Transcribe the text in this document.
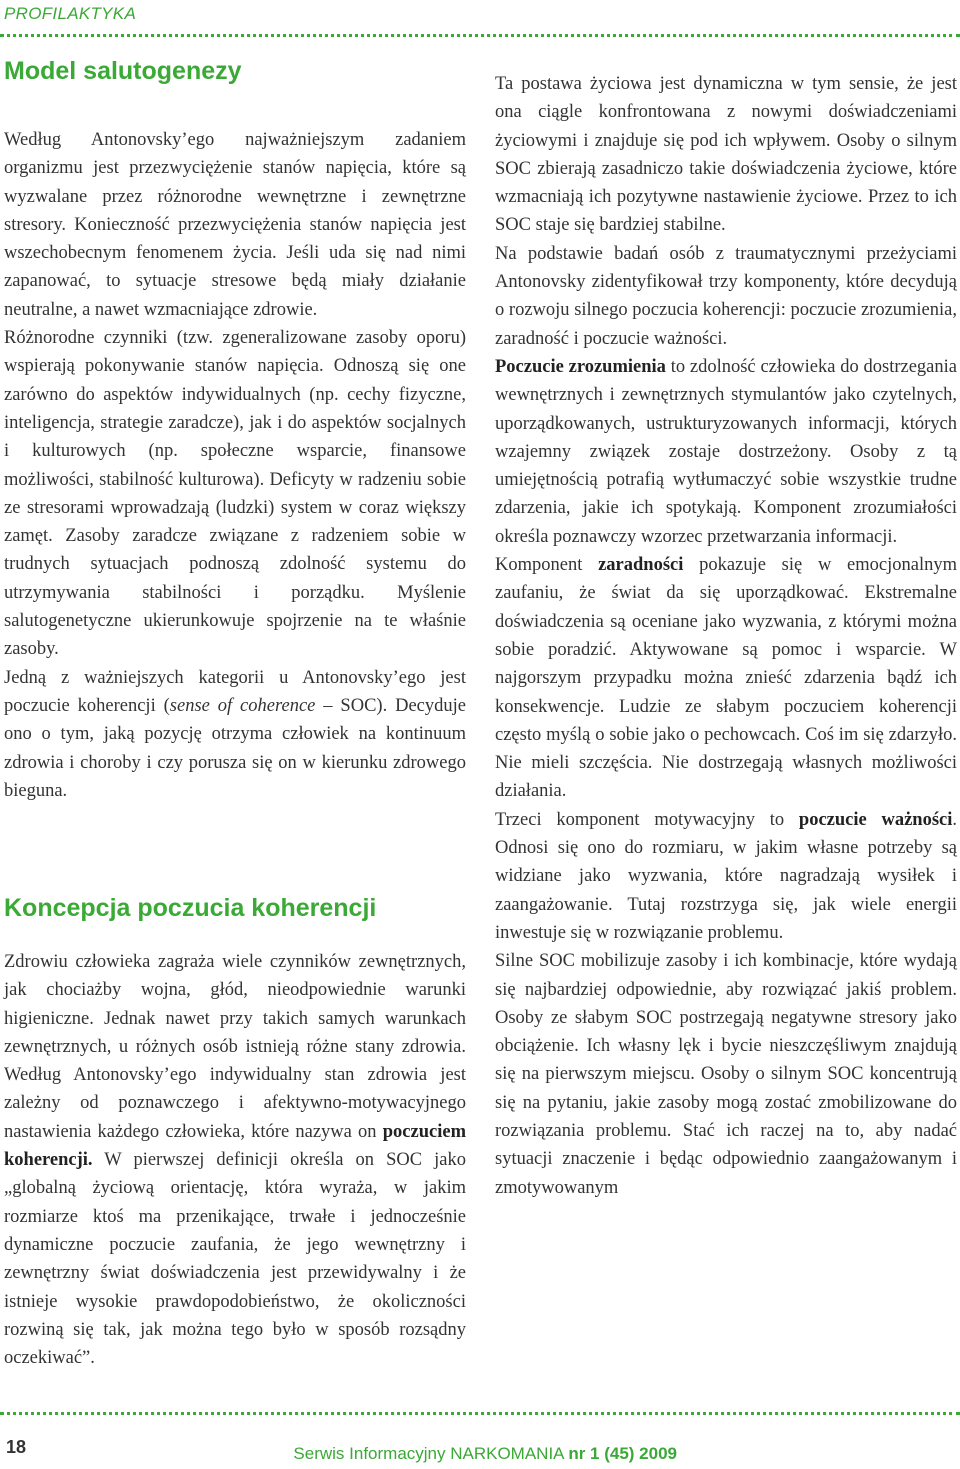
PROFILAKTYKA
Model salutogenezy

Według Antonovsky’ego najważniejszym zadaniem organizmu jest przezwyciężenie stanów napięcia, które są wyzwalane przez różnorodne wewnętrzne i zewnętrzne stresory. Konieczność przezwyciężenia stanów napięcia jest wszechobecnym fenomenem życia. Jeśli uda się nad nimi zapanować, to sytuacje stresowe będą miały działanie neutralne, a nawet wzmacniające zdrowie.

Różnorodne czynniki (tzw. zgeneralizowane zasoby oporu) wspierają pokonywanie stanów napięcia. Odnoszą się one zarówno do aspektów indywidualnych (np. cechy fizyczne, inteligencja, strategie zaradcze), jak i do aspektów socjalnych i kulturowych (np. społeczne wsparcie, finansowe możliwości, stabilność kulturowa). Deficyty w radzeniu sobie ze stresorami wprowadzają (ludzki) system w coraz większy zamęt. Zasoby zaradcze związane z radzeniem sobie w trudnych sytuacjach podnoszą zdolność systemu do utrzymywania stabilności i porządku. Myślenie salutogenetyczne ukierunkowuje spojrzenie na te właśnie zasoby.

Jedną z ważniejszych kategorii u Antonovsky’ego jest poczucie koherencji (sense of coherence – SOC). Decyduje ono o tym, jaką pozycję otrzyma człowiek na kontinuum zdrowia i choroby i czy porusza się on w kierunku zdrowego bieguna.

Koncepcja poczucia koherencji

Zdrowiu człowieka zagraża wiele czynników zewnętrznych, jak chociażby wojna, głód, nieodpowiednie warunki higieniczne. Jednak nawet przy takich samych warunkach zewnętrznych, u różnych osób istnieją różne stany zdrowia. Według Antonovsky’ego indywidualny stan zdrowia jest zależny od poznawczego i afektywno-motywacyjnego nastawienia każdego człowieka, które nazywa on poczuciem koherencji. W pierwszej definicji określa on SOC jako „globalną życiową orientację, która wyraża, w jakim rozmiarze ktoś ma przenikające, trwałe i jednocześnie dynamiczne poczucie zaufania, że jego wewnętrzny i zewnętrzny świat doświadczenia jest przewidywalny i że istnieje wysokie prawdopodobieństwo, że okoliczności rozwiną się tak, jak można tego było w sposób rozsądny oczekiwać”.

Ta postawa życiowa jest dynamiczna w tym sensie, że jest ona ciągle konfrontowana z nowymi doświadczeniami życiowymi i znajduje się pod ich wpływem. Osoby o silnym SOC zbierają zasadniczo takie doświadczenia życiowe, które wzmacniają ich pozytywne nastawienie życiowe. Przez to ich SOC staje się bardziej stabilne.

Na podstawie badań osób z traumatycznymi przeżyciami Antonovsky zidentyfikował trzy komponenty, które decydują o rozwoju silnego poczucia koherencji: poczucie zrozumienia, zaradność i poczucie ważności.

Poczucie zrozumienia to zdolność człowieka do dostrzegania wewnętrznych i zewnętrznych stymulantów jako czytelnych, uporządkowanych, ustrukturyzowanych informacji, których wzajemny związek zostaje dostrzeżony. Osoby z tą umiejętnością potrafią wytłumaczyć sobie wszystkie trudne zdarzenia, jakie ich spotykają. Komponent zrozumiałości określa poznawczy wzorzec przetwarzania informacji.

Komponent zaradności pokazuje się w emocjonalnym zaufaniu, że świat da się uporządkować. Ekstremalne doświadczenia są oceniane jako wyzwania, z którymi można sobie poradzić. Aktywowane są pomoc i wsparcie. W najgorszym przypadku można znieść zdarzenia bądź ich konsekwencje. Ludzie ze słabym poczuciem koherencji często myślą o sobie jako o pechowcach. Coś im się zdarzyło. Nie mieli szczęścia. Nie dostrzegają własnych możliwości działania.

Trzeci komponent motywacyjny to poczucie ważności. Odnosi się ono do rozmiaru, w jakim własne potrzeby są widziane jako wyzwania, które nagradzają wysiłek i zaangażowanie. Tutaj rozstrzyga się, jak wiele energii inwestuje się w rozwiązanie problemu.

Silne SOC mobilizuje zasoby i ich kombinacje, które wydają się najbardziej odpowiednie, aby rozwiązać jakiś problem. Osoby ze słabym SOC postrzegają negatywne stresory jako obciążenie. Ich własny lęk i bycie nieszczęśliwym znajdują się na pierwszym miejscu. Osoby o silnym SOC koncentrują się na pytaniu, jakie zasoby mogą zostać zmobilizowane do rozwiązania problemu. Stać ich raczej na to, aby nadać sytuacji znaczenie i będąc odpowiednio zaangażowanym i zmotywowanym

18	Serwis Informacyjny NARKOMANIA nr 1 (45) 2009
